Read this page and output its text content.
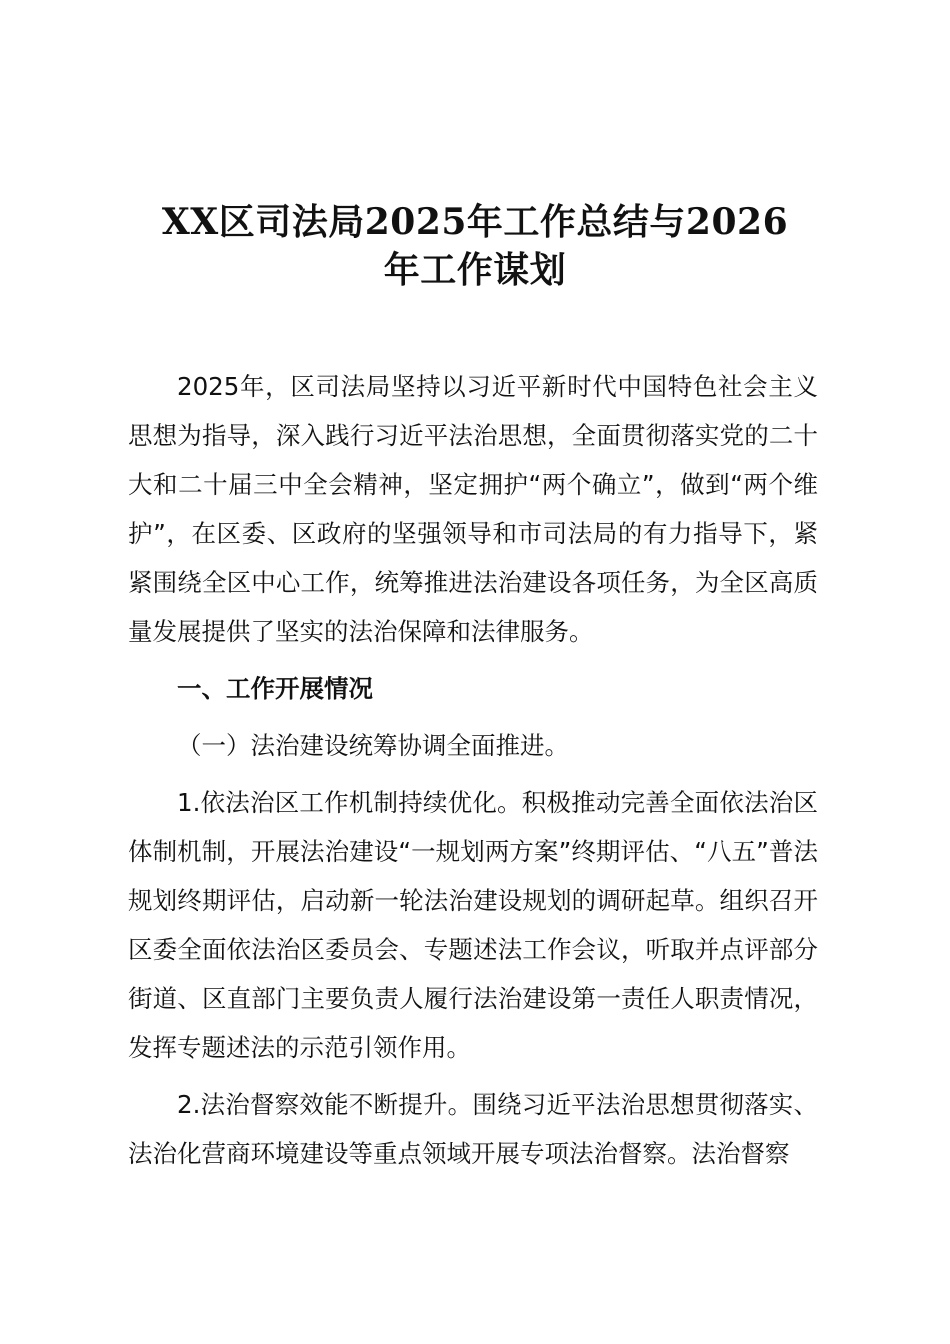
XX区司法局2025年工作总结与2026
年工作谋划

2025年，区司法局坚持以习近平新时代中国特色社会主义思想为指导，深入践行习近平法治思想，全面贯彻落实党的二十大和二十届三中全会精神，坚定拥护“两个确立”，做到“两个维护”，在区委、区政府的坚强领导和市司法局的有力指导下，紧紧围绕全区中心工作，统筹推进法治建设各项任务，为全区高质量发展提供了坚实的法治保障和法律服务。

一、工作开展情况

（一）法治建设统筹协调全面推进。

1.依法治区工作机制持续优化。积极推动完善全面依法治区体制机制，开展法治建设“一规划两方案”终期评估、“八五”普法规划终期评估，启动新一轮法治建设规划的调研起草。组织召开区委全面依法治区委员会、专题述法工作会议，听取并点评部分街道、区直部门主要负责人履行法治建设第一责任人职责情况，发挥专题述法的示范引领作用。

2.法治督察效能不断提升。围绕习近平法治思想贯彻落实、法治化营商环境建设等重点领域开展专项法治督察。法治督察
